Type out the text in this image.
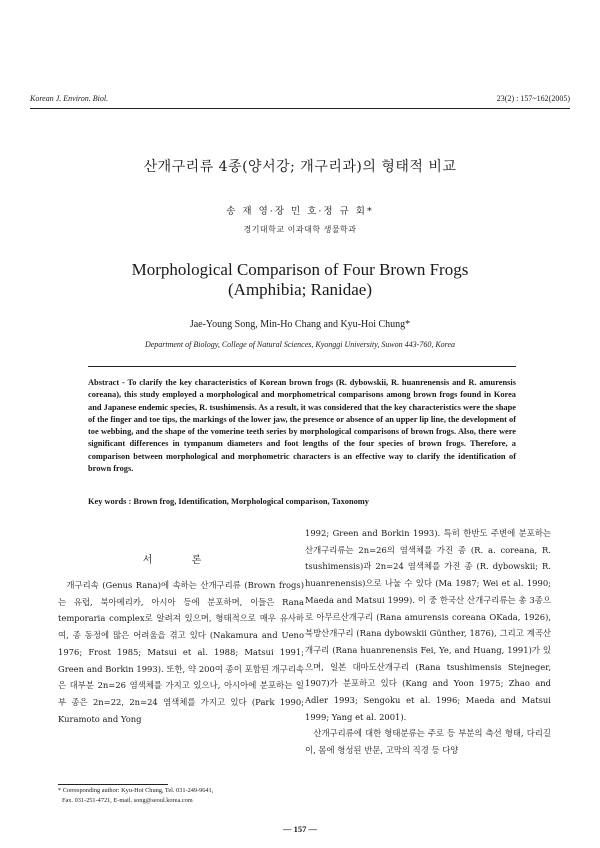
Korean J. Environ. Biol.	23(2) : 157~162(2005)
산개구리류 4종(양서강; 개구리과)의 형태적 비교
송 재 영·장 민 호·정 규 회*
경기대학교 이과대학 생물학과
Morphological Comparison of Four Brown Frogs
(Amphibia; Ranidae)
Jae-Young Song, Min-Ho Chang and Kyu-Hoi Chung*
Department of Biology, College of Natural Sciences, Kyonggi University, Suwon 443-760, Korea
Abstract - To clarify the key characteristics of Korean brown frogs (R. dybowskii, R. huanrenensis and R. amurensis coreana), this study employed a morphological and morphometrical comparisons among brown frogs found in Korea and Japanese endemic species, R. tsushimensis. As a result, it was considered that the key characteristics were the shape of the finger and toe tips, the markings of the lower jaw, the presence or absence of an upper lip line, the development of toe webbing, and the shape of the vomerine teeth series by morphological comparisons of brown frogs. Also, there were significant differences in tympanum diameters and foot lengths of the four species of brown frogs. Therefore, a comparison between morphological and morphometric characters is an effective way to clarify the identification of brown frogs.
Key words : Brown frog, Identification, Morphological comparison, Taxonomy
서 론

개구리속 (Genus Rana)에 속하는 산개구리류 (Brown frogs)는 유럽, 북아메리카, 아시아 등에 분포하며, 이들은 Rana temporaria complex로 알려져 있으며, 형태적으로 매우 유사하여, 종 동정에 많은 어려움을 겪고 있다 (Nakamura and Ueno 1976; Frost 1985; Matsui et al. 1988; Matsui 1991; Green and Borkin 1993). 또한, 약 200여 종이 포함된 개구리속은 대부분 2n=26 염색체를 가지고 있으나, 아시아에 분포하는 일부 종은 2n=22, 2n=24 염색체를 가지고 있다 (Park 1990; Kuramoto and Yong

1992; Green and Borkin 1993). 특히 한반도 주변에 분포하는 산개구리류는 2n=26의 염색체를 가진 종 (R. a. coreana, R. tsushimensis)과 2n=24 염색체를 가진 종 (R. dybowskii; R. huanrenensis)으로 나눌 수 있다 (Ma 1987; Wei et al. 1990; Maeda and Matsui 1999). 이 중 한국산 산개구리류는 총 3종으로 아무르산개구리 (Rana amurensis coreana OKada, 1926), 북방산개구리 (Rana dybowskii Günther, 1876), 그리고 계곡산개구리 (Rana huanrenensis Fei, Ye, and Huang, 1991)가 있으며, 일본 대마도산개구리 (Rana tsushimensis Stejneger, 1907)가 분포하고 있다 (Kang and Yoon 1975; Zhao and Adler 1993; Sengoku et al. 1996; Maeda and Matsui 1999; Yang et al. 2001).

산개구리류에 대한 형태분류는 주로 등 부분의 측선 형태, 다리길이, 몸에 형성된 반문, 고막의 직경 등 다양

* Corresponding author: Kyu-Hoi Chung, Tel. 031-249-9641,
Fax. 031-251-4721, E-mail. song@seoul.korea.com
— 157 —
